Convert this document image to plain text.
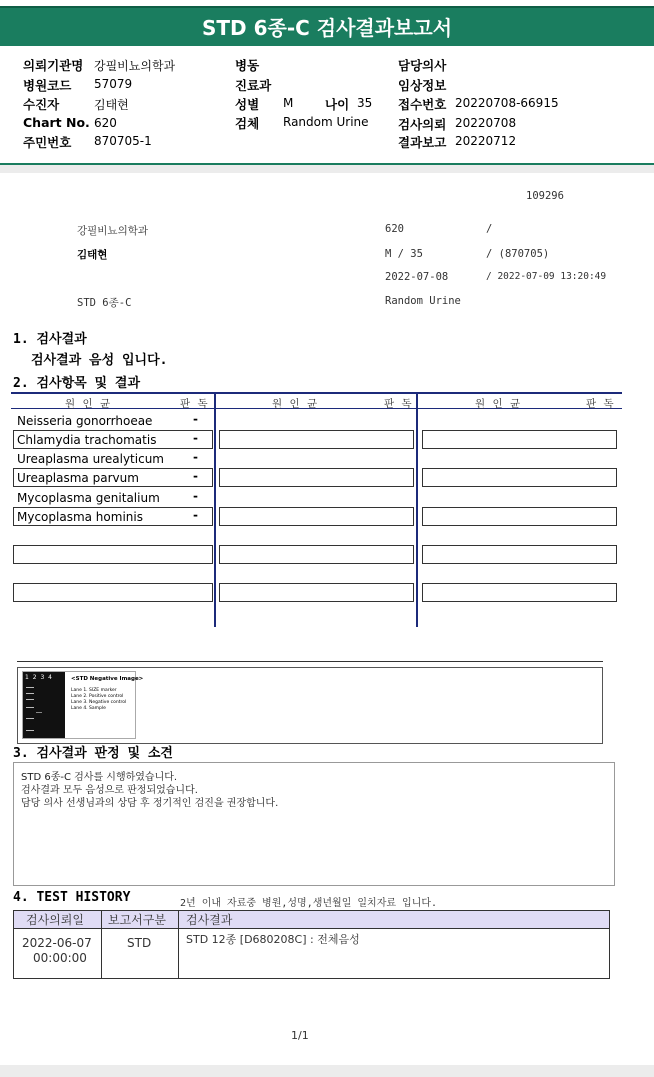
STD 6종-C 검사결과보고서
의뢰기관명 강필비뇨의학과
병원코드 57079
수진자	김태현
Chart No. 620
주민번호 870705-1
병동
진료과
성별 M	나이 35
검체 Random Urine
담당의사
임상정보
접수번호 20220708-66915
검사의뢰 20220708
결과보고 20220712
109296
강필비뇨의학과	620	/
김태현	M / 35	/ (870705)
2022-07-08	/ 2022-07-09 13:20:49
STD 6종-C	Random Urine
1. 검사결과
검사결과 음성 입니다.
2. 검사항목 및 결과
원 인 균	판 독	원 인 균	판 독	원 인 균	판 독
Neisseria gonorrhoeae	-
Chlamydia trachomatis	-
Ureaplasma urealyticum -
Ureaplasma parvum	-
Mycoplasma genitalium	-
Mycoplasma hominis	-
1 2 3 4	<STD Negative Image>
Lane 1. SIZE marker
Lane 2. Positive control
Lane 3. Negative control
Lane 4. Sample
3. 검사결과 판정 및 소견
STD 6종-C 검사를 시행하였습니다.
검사결과 모두 음성으로 판정되었습니다.
담당 의사 선생님과의 상담 후 정기적인 검진을 권장합니다.
4. TEST HISTORY	2년 이내 자료중 병원,성명,생년월일 일치자료 입니다.
검사의뢰일 보고서구분 검사결과
2022-06-07
00:00:00
STD	STD 12종 [D680208C] : 전체음성
1/1
